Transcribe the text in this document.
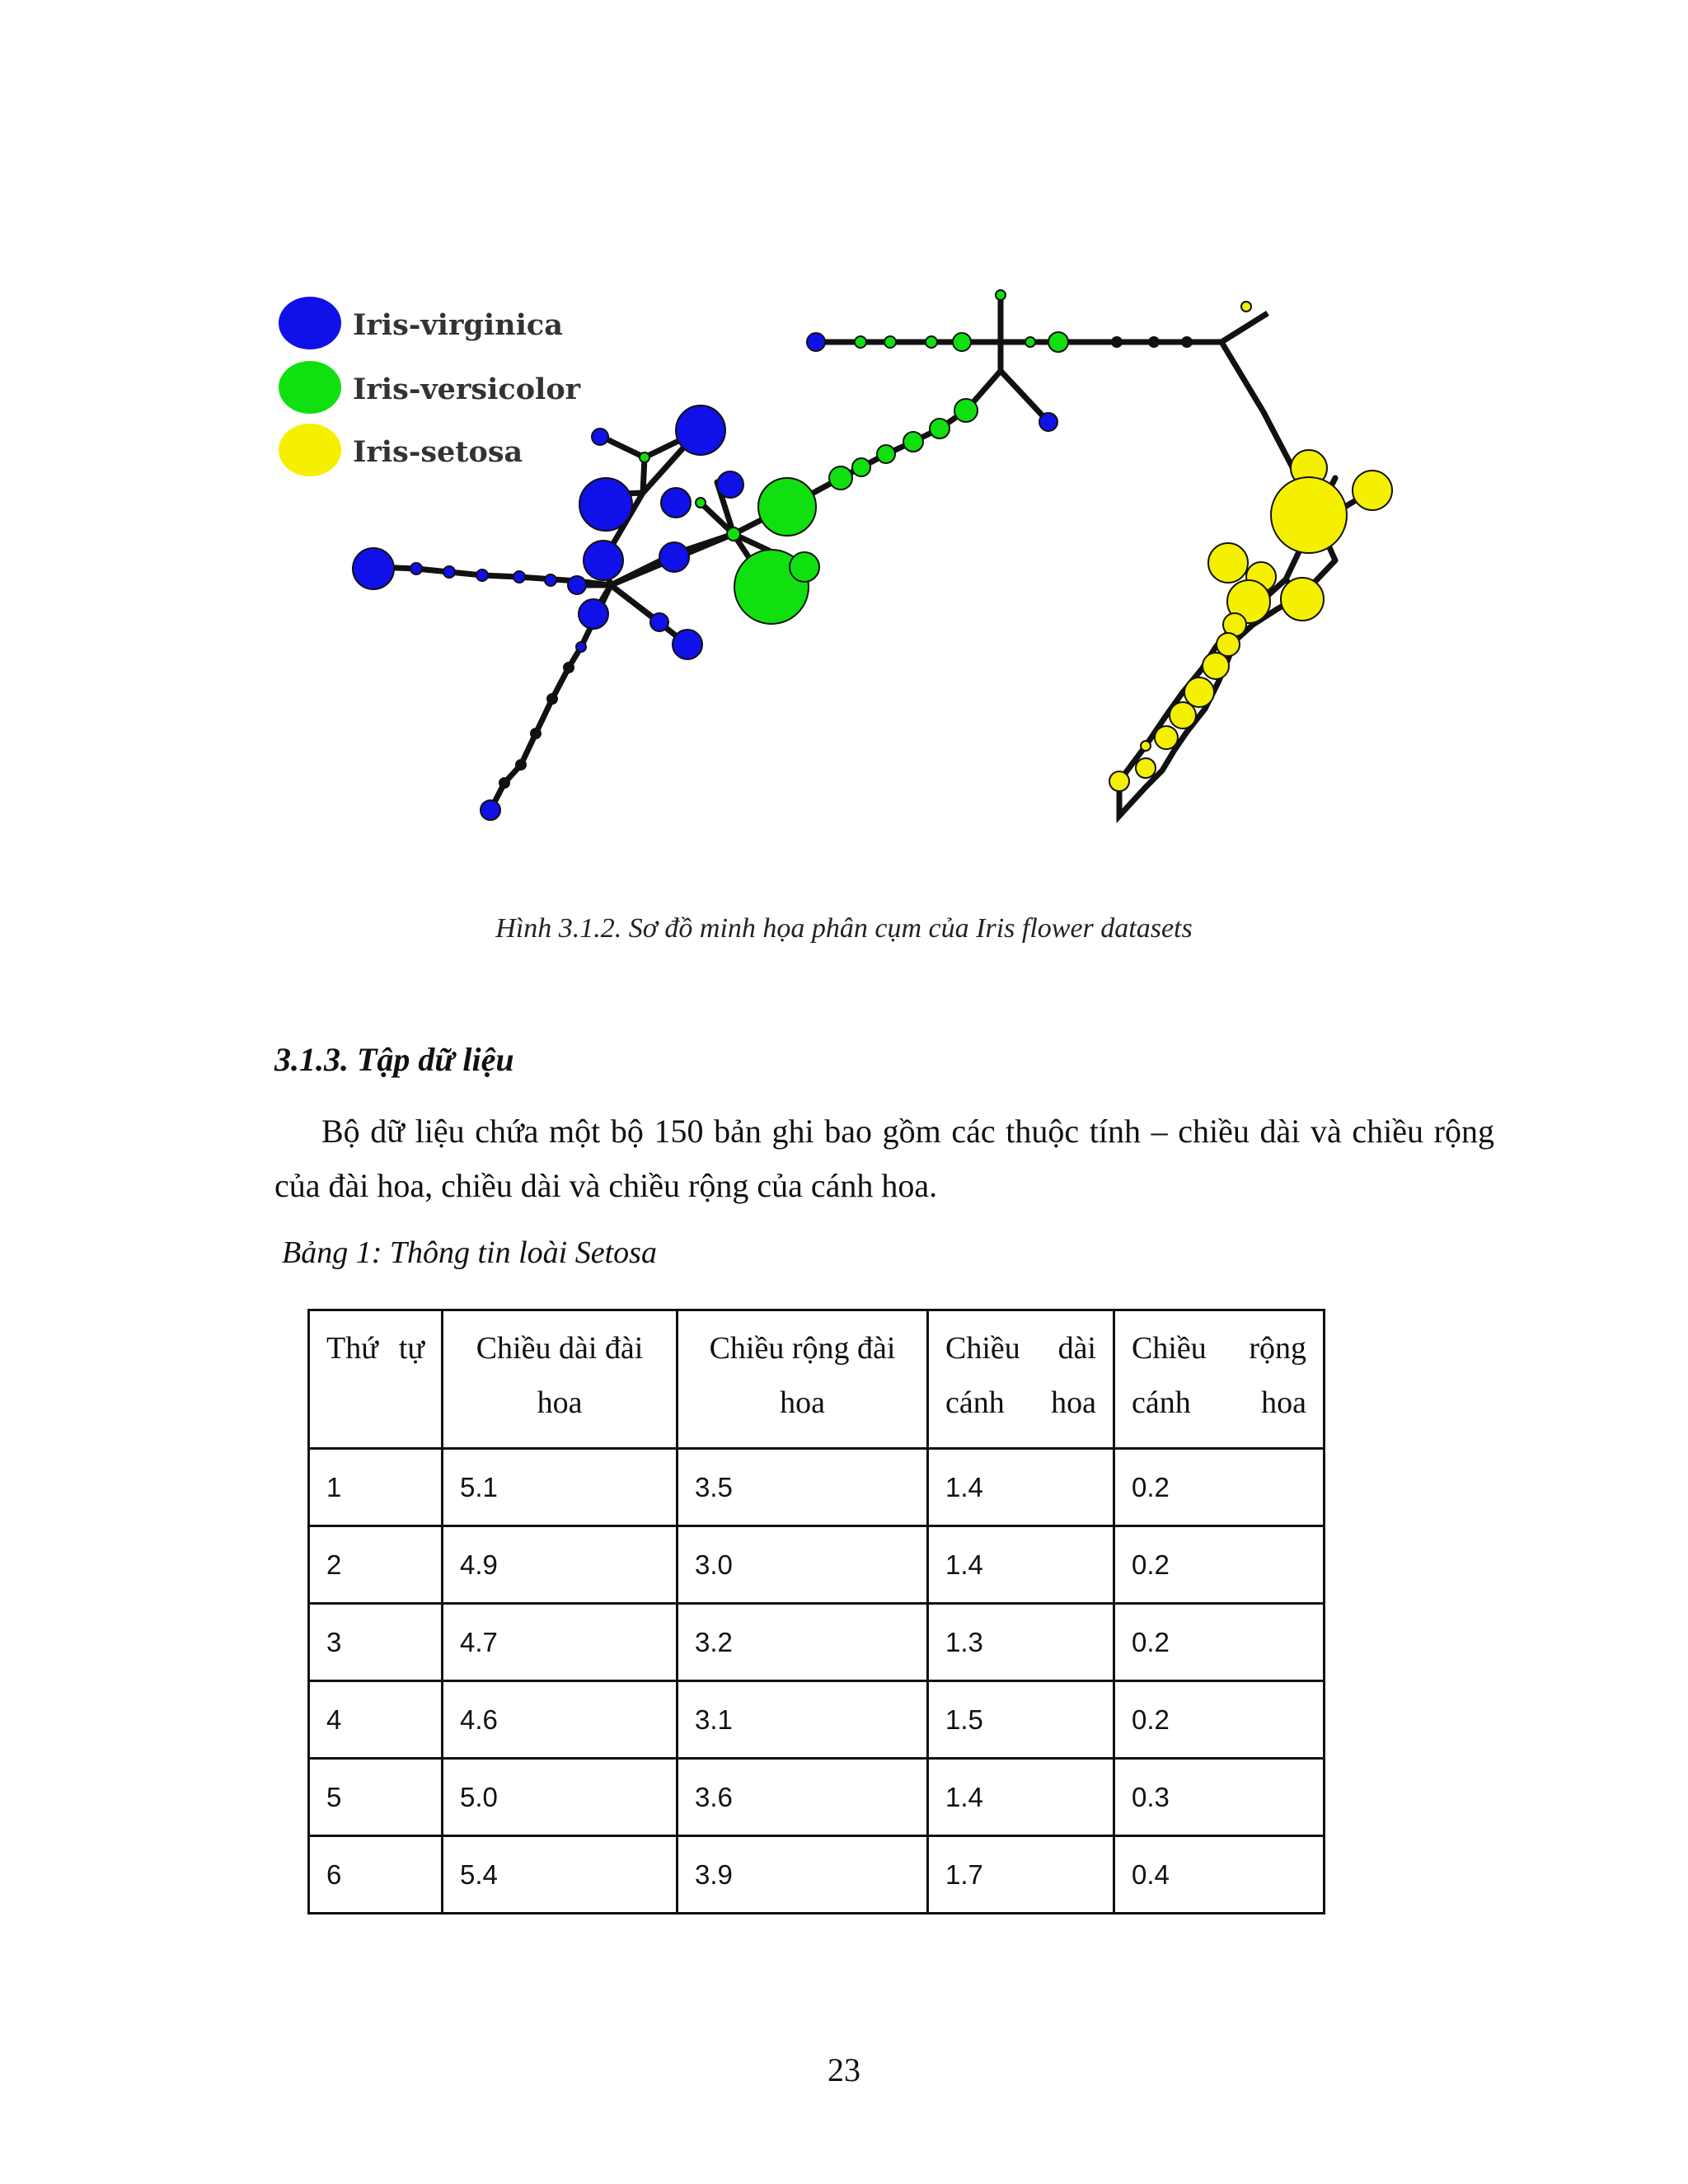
Iris-virginica
Iris-versicolor
Iris-setosa
Hình 3.1.2. Sơ đồ minh họa phân cụm của Iris flower datasets
3.1.3. Tập dữ liệu
Bộ dữ liệu chứa một bộ 150 bản ghi bao gồm các thuộc tính – chiều dài và chiều rộng của đài hoa, chiều dài và chiều rộng của cánh hoa.
Bảng 1: Thông tin loài Setosa
Thứ tự	Chiều dài đài hoa	Chiều rộng đài hoa	Chiều dài cánh hoa	Chiều rộng cánh hoa
1	5.1	3.5	1.4	0.2
2	4.9	3.0	1.4	0.2
3	4.7	3.2	1.3	0.2
4	4.6	3.1	1.5	0.2
5	5.0	3.6	1.4	0.3
6	5.4	3.9	1.7	0.4
23
